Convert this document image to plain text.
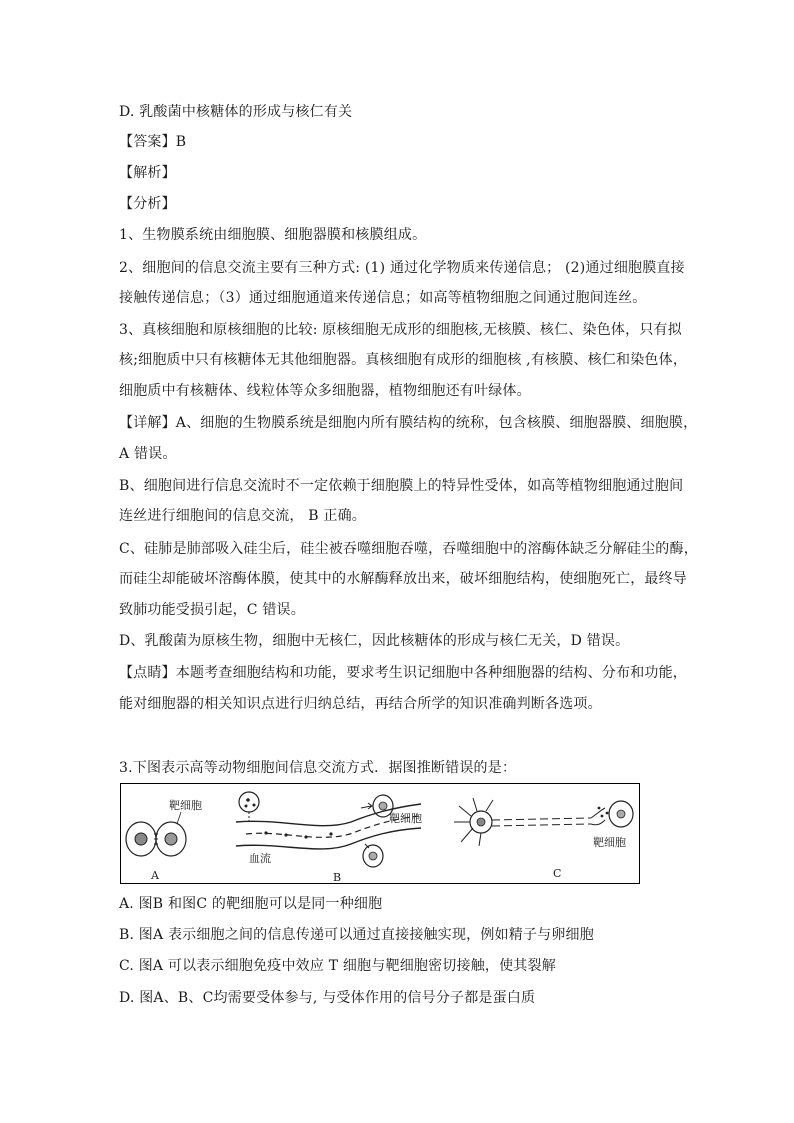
D. 乳酸菌中核糖体的形成与核仁有关
【答案】B
【解析】
【分析】
1、生物膜系统由细胞膜、细胞器膜和核膜组成。
2、细胞间的信息交流主要有三种方式: (1) 通过化学物质来传递信息； (2)通过细胞膜直接
接触传递信息；（3）通过细胞通道来传递信息；如高等植物细胞之间通过胞间连丝。
3、真核细胞和原核细胞的比较: 原核细胞无成形的细胞核,无核膜、核仁、染色体，只有拟
核;细胞质中只有核糖体无其他细胞器。真核细胞有成形的细胞核 ,有核膜、核仁和染色体，
细胞质中有核糖体、线粒体等众多细胞器，植物细胞还有叶绿体。
【详解】A、细胞的生物膜系统是细胞内所有膜结构的统称，包含核膜、细胞器膜、细胞膜，
A 错误。
B、细胞间进行信息交流时不一定依赖于细胞膜上的特异性受体，如高等植物细胞通过胞间
连丝进行细胞间的信息交流， B 正确。
C、硅肺是肺部吸入硅尘后，硅尘被吞噬细胞吞噬，吞噬细胞中的溶酶体缺乏分解硅尘的酶，
而硅尘却能破坏溶酶体膜，使其中的水解酶释放出来，破坏细胞结构，使细胞死亡，最终导
致肺功能受损引起，C 错误。
D、乳酸菌为原核生物，细胞中无核仁，因此核糖体的形成与核仁无关，D 错误。
【点睛】本题考查细胞结构和功能，要求考生识记细胞中各种细胞器的结构、分布和功能，
能对细胞器的相关知识点进行归纳总结，再结合所学的知识准确判断各选项。
3.下图表示高等动物细胞间信息交流方式．据图推断错误的是：
靶细胞
A
靶细胞
血流
B
靶细胞
C
A. 图B 和图C 的靶细胞可以是同一种细胞
B. 图A 表示细胞之间的信息传递可以通过直接接触实现，例如精子与卵细胞
C. 图A 可以表示细胞免疫中效应 T 细胞与靶细胞密切接触，使其裂解
D. 图A、B、C均需要受体参与, 与受体作用的信号分子都是蛋白质
